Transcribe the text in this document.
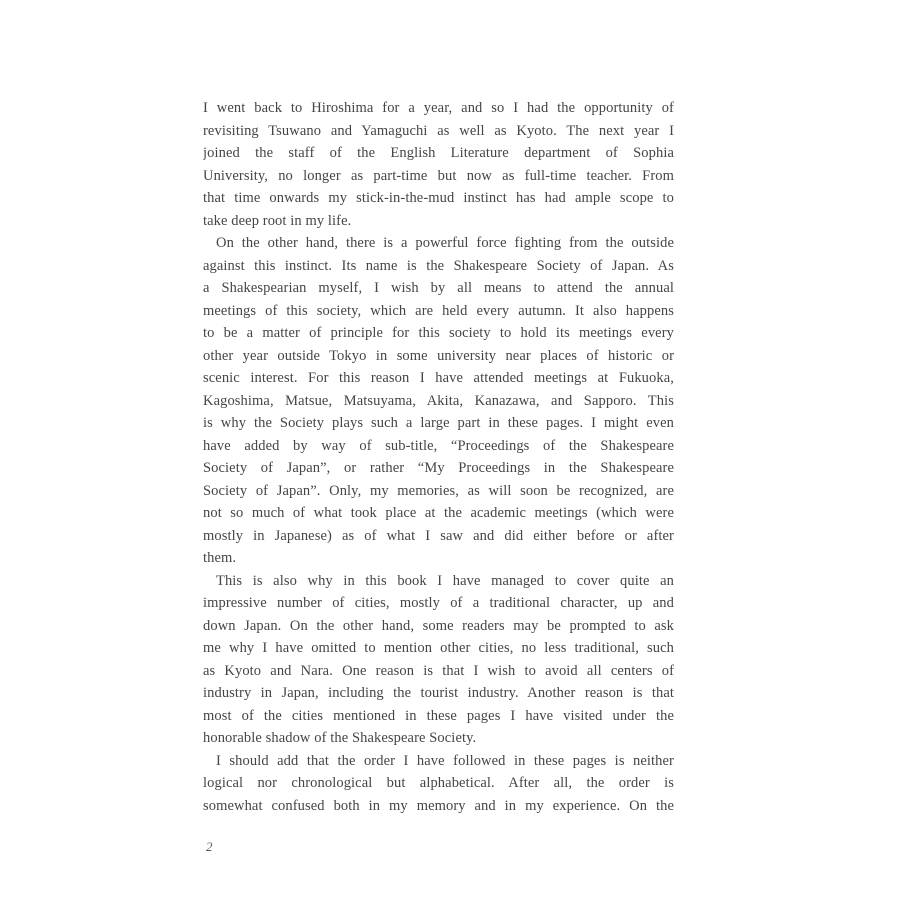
I went back to Hiroshima for a year, and so I had the opportunity of
revisiting Tsuwano and Yamaguchi as well as Kyoto. The next year I
joined the staff of the English Literature department of Sophia
University, no longer as part-time but now as full-time teacher. From
that time onwards my stick-in-the-mud instinct has had ample scope to
take deep root in my life.
On the other hand, there is a powerful force fighting from the outside
against this instinct. Its name is the Shakespeare Society of Japan. As
a Shakespearian myself, I wish by all means to attend the annual
meetings of this society, which are held every autumn. It also happens
to be a matter of principle for this society to hold its meetings every
other year outside Tokyo in some university near places of historic or
scenic interest. For this reason I have attended meetings at Fukuoka,
Kagoshima, Matsue, Matsuyama, Akita, Kanazawa, and Sapporo. This
is why the Society plays such a large part in these pages. I might even
have added by way of sub-title, “Proceedings of the Shakespeare
Society of Japan”, or rather “My Proceedings in the Shakespeare
Society of Japan”. Only, my memories, as will soon be recognized, are
not so much of what took place at the academic meetings (which were
mostly in Japanese) as of what I saw and did either before or after
them.
This is also why in this book I have managed to cover quite an
impressive number of cities, mostly of a traditional character, up and
down Japan. On the other hand, some readers may be prompted to ask
me why I have omitted to mention other cities, no less traditional, such
as Kyoto and Nara. One reason is that I wish to avoid all centers of
industry in Japan, including the tourist industry. Another reason is that
most of the cities mentioned in these pages I have visited under the
honorable shadow of the Shakespeare Society.
I should add that the order I have followed in these pages is neither
logical nor chronological but alphabetical. After all, the order is
somewhat confused both in my memory and in my experience. On the
2
